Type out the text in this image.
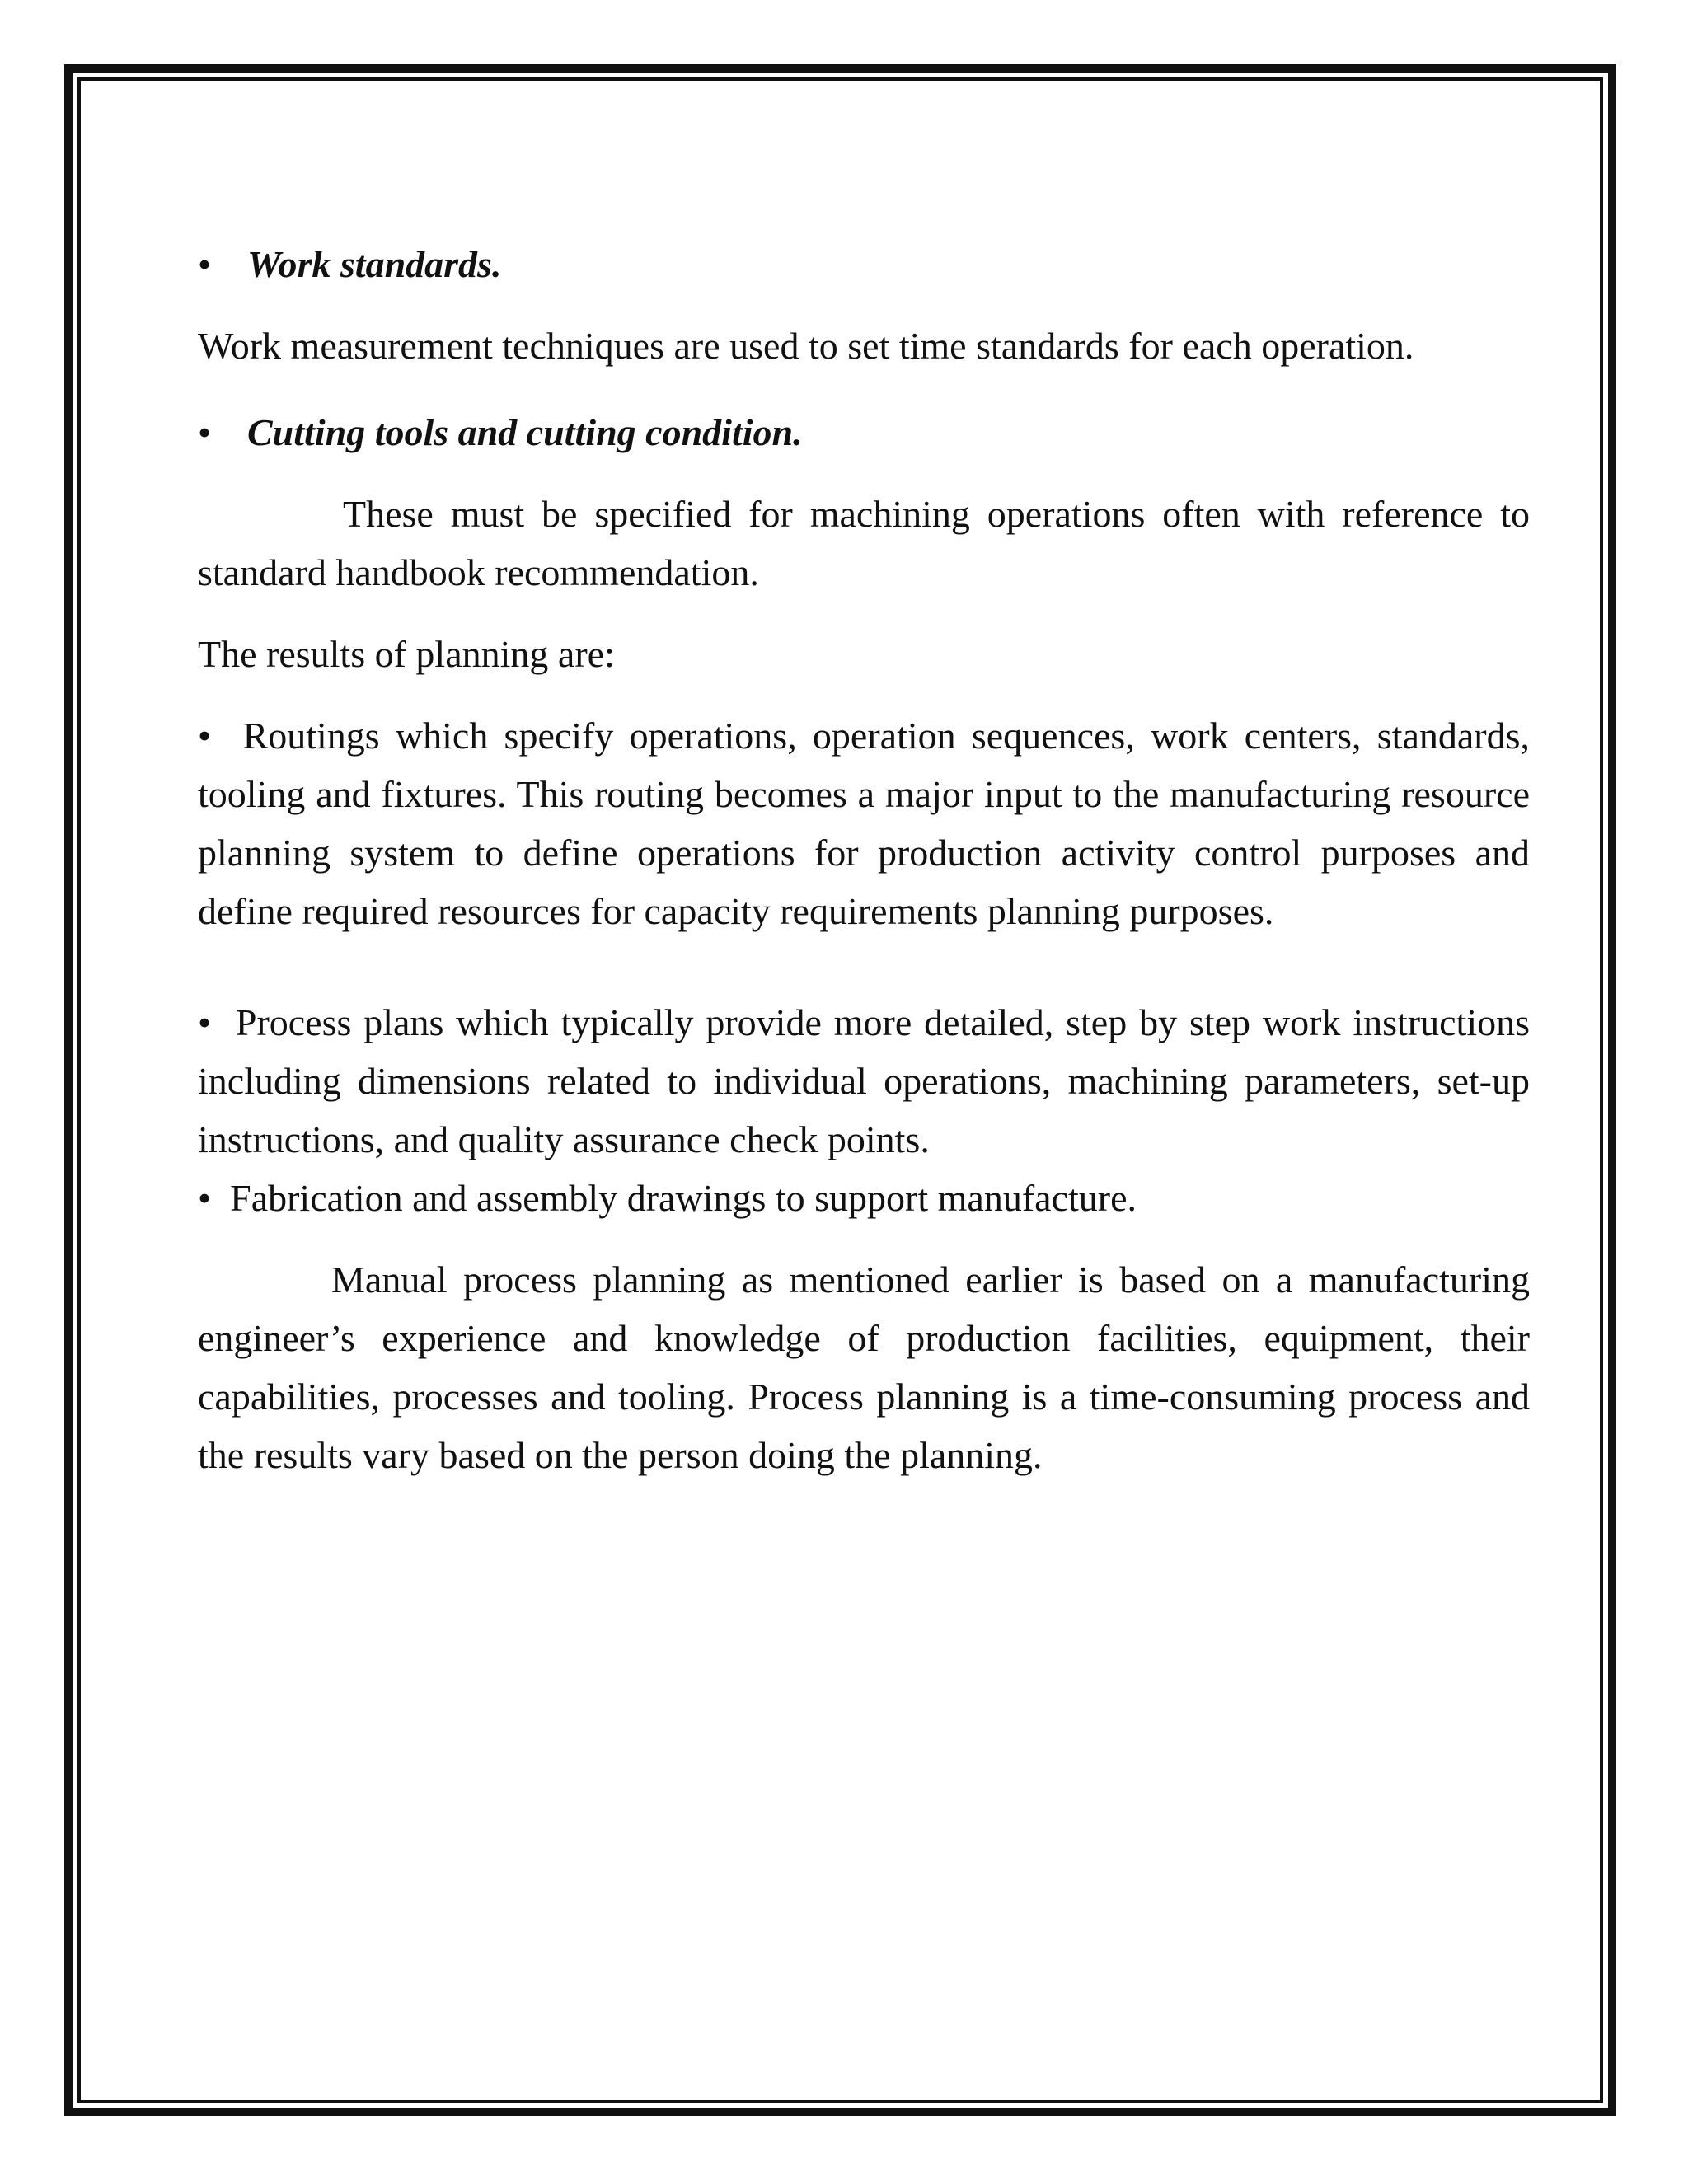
• Work standards.

Work measurement techniques are used to set time standards for each operation.

• Cutting tools and cutting condition.

These must be specified for machining operations often with reference to standard handbook recommendation.

The results of planning are:

• Routings which specify operations, operation sequences, work centers, standards, tooling and fixtures. This routing becomes a major input to the manufacturing resource planning system to define operations for production activity control purposes and define required resources for capacity requirements planning purposes.

• Process plans which typically provide more detailed, step by step work instructions including dimensions related to individual operations, machining parameters, set-up instructions, and quality assurance check points.

• Fabrication and assembly drawings to support manufacture.

Manual process planning as mentioned earlier is based on a manufacturing engineer’s experience and knowledge of production facilities, equipment, their capabilities, processes and tooling. Process planning is a time-consuming process and the results vary based on the person doing the planning.
